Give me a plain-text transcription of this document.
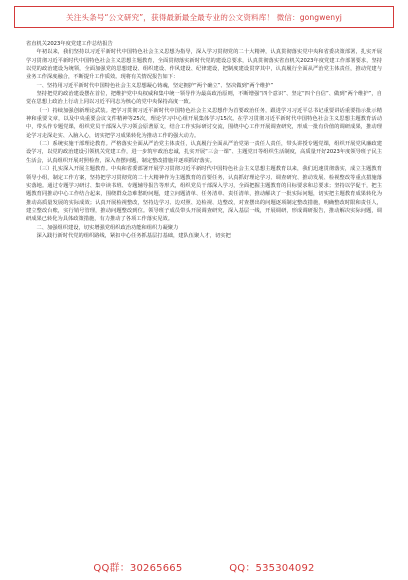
关注头条号“公文研究”，获得最新最全最专业的公文资料库！ 微信：gongwenyj

省直机关2023年度党建工作总结报告

年初以来，我们坚持以习近平新时代中国特色社会主义思想为指导，深入学习贯彻党的二十大精神，认真贯彻落实党中央和省委决策部署，扎实开展学习贯彻习近平新时代中国特色社会主义思想主题教育，全面贯彻落实新时代党的建设总要求，认真贯彻落实省直机关2023年度党建工作部署要求，坚持以党的政治建设为统领，全面加强党的思想建设、组织建设、作风建设、纪律建设，把制度建设贯穿其中，认真履行全面从严治党主体责任，推动党建与业务工作深度融合，不断提升工作质效。现将有关情况报告如下：

一、坚持用习近平新时代中国特色社会主义思想凝心铸魂，坚定拥护“两个确立”、坚决做到“两个维护”

坚持把党的政治建设摆在首位，把维护党中央权威和集中统一领导作为最高政治原则，不断增强“四个意识”、坚定“四个自信”、做到“两个维护”，自觉在思想上政治上行动上同以习近平同志为核心的党中央保持高度一致。

（一）持续加强创新理论武装。把学习贯彻习近平新时代中国特色社会主义思想作为首要政治任务，跟进学习习近平总书记重要讲话重要指示批示精神和重要文章，以及中央重要会议文件精神等25次，理论学习中心组开展集体学习15次。在学习贯彻习近平新时代中国特色社会主义思想主题教育活动中，带头作专题党课，组织党员干部深入学习领会原著原文，结合工作实际研讨交流，围绕中心工作开展调查研究，形成一批有价值的调研成果，推动理论学习走深走实、入脑入心，切实把学习成果转化为推动工作的强大动力。

（二）系统实施干部理论教育。严格落实全面从严治党主体责任，认真履行全面从严治党第一责任人责任，带头讲授专题党课，组织开展党风廉政建设学习，以党的政治建设引领机关党建工作，进一步筑牢政治忠诚，扎实开展“三会一课”、主题党日等组织生活制度，高质量开好2023年度领导班子民主生活会，认真组织开展对照检查，深入查摆问题，制定整改措施并逐项抓好落实。

（三）扎实深入开展主题教育。中央和省委部署开展学习贯彻习近平新时代中国特色社会主义思想主题教育以来，我们迅速贯彻落实，成立主题教育领导小组，制定工作方案，坚持把学习贯彻党的二十大精神作为主题教育的首要任务，认真抓好理论学习、调查研究、推动发展、检视整改等重点措施落实落地。通过专题学习研讨、集中读书班、专题辅导报告等形式，组织党员干部深入学习，全面把握主题教育的目标要求和总要求；坚持以学促干，把主题教育同推动中心工作结合起来，围绕群众急难愁盼问题，建立问题清单、任务清单、责任清单，推动解决了一批实际问题，切实把主题教育成果转化为推动高质量发展的实际成效；认真开展检视整改，坚持边学习、边对照、边检视、边整改，对查摆出的问题逐项制定整改措施，明确整改时限和责任人，建立整改台账，实行销号管理，推动问题整改到位。领导班子成员带头开展调查研究，深入基层一线，开展调研，形成调研报告，推动解决实际问题，调研成果已转化为具体政策措施，有力推动了各项工作落实见效。

二、加强组织建设，切实增强党组织政治功能和组织力凝聚力

深入践行新时代党的组织路线，紧扣中心任务抓基层打基础，建队伍聚人才，切实把

QQ群：30265665	QQ：535304092
